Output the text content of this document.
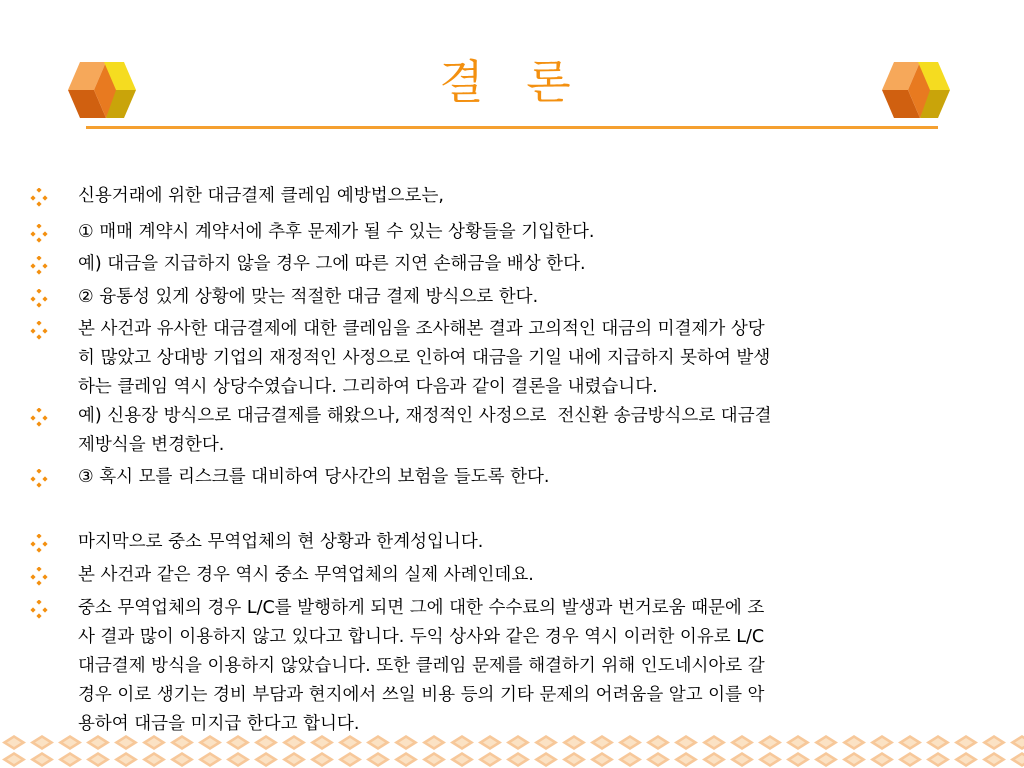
결 론
신용거래에 위한 대금결제 클레임 예방법으로는,
① 매매 계약시 계약서에 추후 문제가 될 수 있는 상황들을 기입한다.
예) 대금을 지급하지 않을 경우 그에 따른 지연 손해금을 배상 한다.
② 융통성 있게 상황에 맞는 적절한 대금 결제 방식으로 한다.
본 사건과 유사한 대금결제에 대한 클레임을 조사해본 결과 고의적인 대금의 미결제가 상당
히 많았고 상대방 기업의 재정적인 사정으로 인하여 대금을 기일 내에 지급하지 못하여 발생
하는 클레임 역시 상당수였습니다. 그리하여 다음과 같이 결론을 내렸습니다.
예) 신용장 방식으로 대금결제를 해왔으나, 재정적인 사정으로  전신환 송금방식으로 대금결
제방식을 변경한다.
③ 혹시 모를 리스크를 대비하여 당사간의 보험을 들도록 한다.
마지막으로 중소 무역업체의 현 상황과 한계성입니다.
본 사건과 같은 경우 역시 중소 무역업체의 실제 사례인데요.
중소 무역업체의 경우 L/C를 발행하게 되면 그에 대한 수수료의 발생과 번거로움 때문에 조
사 결과 많이 이용하지 않고 있다고 합니다. 두익 상사와 같은 경우 역시 이러한 이유로 L/C
대금결제 방식을 이용하지 않았습니다. 또한 클레임 문제를 해결하기 위해 인도네시아로 갈
경우 이로 생기는 경비 부담과 현지에서 쓰일 비용 등의 기타 문제의 어려움을 알고 이를 악
용하여 대금을 미지급 한다고 합니다.
